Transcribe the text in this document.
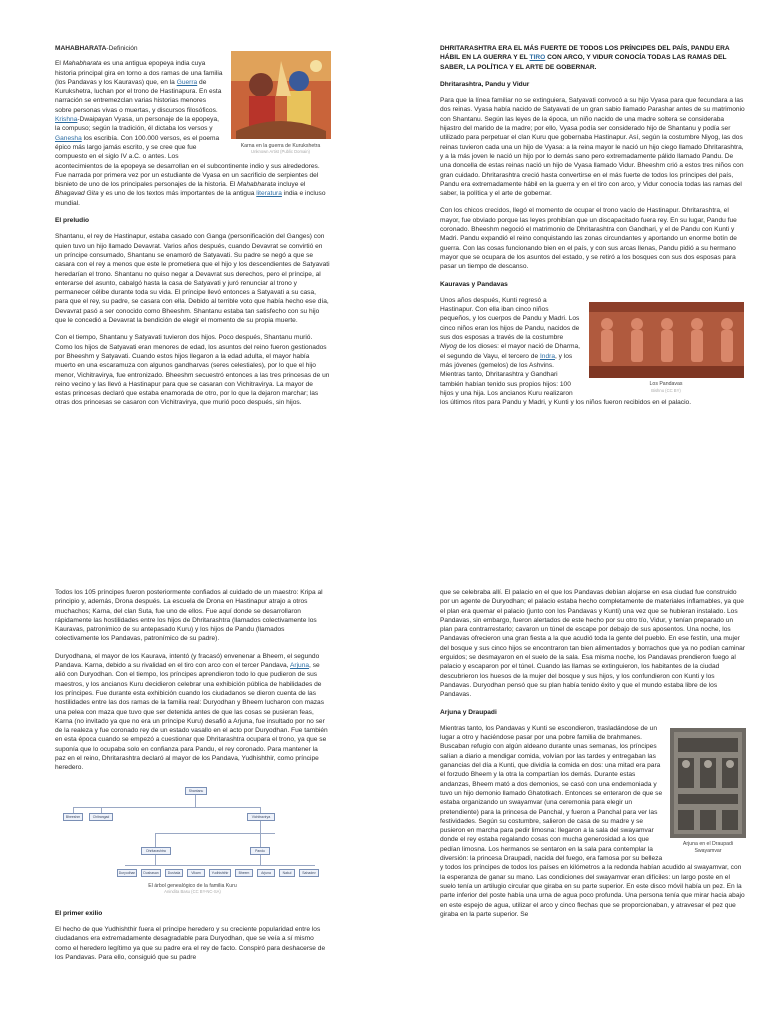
MAHABHARATA-Definición

Karna en la guerra de Kurukshetra
Unknown Artist (Public Domain)

El Mahabharata es una antigua epopeya india cuya historia principal gira en torno a dos ramas de una familia (los Pandavas y los Kauravas) que, en la Guerra de Kurukshetra, luchan por el trono de Hastinapura. En esta narración se entremezclan varias historias menores sobre personas vivas o muertas, y discursos filosóficos. Krishna-Dwaipayan Vyasa, un personaje de la epopeya, la compuso; según la tradición, él dictaba los versos y Ganesha los escribía. Con 100.000 versos, es el poema épico más largo jamás escrito, y se cree que fue compuesto en el siglo IV a.C. o antes. Los acontecimientos de la epopeya se desarrollan en el subcontinente indio y sus alrededores. Fue narrada por primera vez por un estudiante de Vyasa en un sacrificio de serpientes del bisnieto de uno de los principales personajes de la historia. El Mahabharata incluye el Bhagavad Gita y es uno de los textos más importantes de la antigua literatura india e incluso mundial.

El preludio

Shantanu, el rey de Hastinapur, estaba casado con Ganga (personificación del Ganges) con quien tuvo un hijo llamado Devavrat. Varios años después, cuando Devavrat se convirtió en un príncipe consumado, Shantanu se enamoró de Satyavati. Su padre se negó a que se casara con el rey a menos que este le prometiera que el hijo y los descendientes de Satyavati heredarían el trono. Shantanu no quiso negar a Devavrat sus derechos, pero el príncipe, al enterarse del asunto, cabalgó hasta la casa de Satyavati y juró renunciar al trono y permanecer célibe durante toda su vida. El príncipe llevó entonces a Satyavati a su casa, para que el rey, su padre, se casara con ella. Debido al terrible voto que había hecho ese día, Devavrat pasó a ser conocido como Bheeshm. Shantanu estaba tan satisfecho con su hijo que le concedió a Devavrat la bendición de elegir el momento de su propia muerte.

Con el tiempo, Shantanu y Satyavati tuvieron dos hijos. Poco después, Shantanu murió. Como los hijos de Satyavati eran menores de edad, los asuntos del reino fueron gestionados por Bheeshm y Satyavati. Cuando estos hijos llegaron a la edad adulta, el mayor había muerto en una escaramuza con algunos gandharvas (seres celestiales), por lo que el hijo menor, Vichitravirya, fue entronizado. Bheeshm secuestró entonces a las tres princesas de un reino vecino y las llevó a Hastinapur para que se casaran con Vichitravirya. La mayor de estas princesas declaró que estaba enamorada de otro, por lo que la dejaron marchar; las otras dos princesas se casaron con Vichitravirya, que murió poco después, sin hijos.

DHRITARASHTRA ERA EL MÁS FUERTE DE TODOS LOS PRÍNCIPES DEL PAÍS, PANDU ERA HÁBIL EN LA GUERRA Y EL TIRO CON ARCO, Y VIDUR CONOCÍA TODAS LAS RAMAS DEL SABER, LA POLÍTICA Y EL ARTE DE GOBERNAR.

Dhritarashtra, Pandu y Vidur

Para que la línea familiar no se extinguiera, Satyavati convocó a su hijo Vyasa para que fecundara a las dos reinas. Vyasa había nacido de Satyavati de un gran sabio llamado Parashar antes de su matrimonio con Shantanu. Según las leyes de la época, un niño nacido de una madre soltera se consideraba hijastro del marido de la madre; por ello, Vyasa podía ser considerado hijo de Shantanu y podía ser utilizado para perpetuar el clan Kuru que gobernaba Hastinapur. Así, según la costumbre Niyog, las dos reinas tuvieron cada una un hijo de Vyasa: a la reina mayor le nació un hijo ciego llamado Dhritarashtra, y a la más joven le nació un hijo por lo demás sano pero extremadamente pálido llamado Pandu. De una doncella de estas reinas nació un hijo de Vyasa llamado Vidur. Bheeshm crió a estos tres niños con gran cuidado. Dhritarashtra creció hasta convertirse en el más fuerte de todos los príncipes del país, Pandu era extremadamente hábil en la guerra y en el tiro con arco, y Vidur conocía todas las ramas del saber, la política y el arte de gobernar.

Con los chicos crecidos, llegó el momento de ocupar el trono vacío de Hastinapur. Dhritarashtra, el mayor, fue obviado porque las leyes prohibían que un discapacitado fuera rey. En su lugar, Pandu fue coronado. Bheeshm negoció el matrimonio de Dhritarashtra con Gandhari, y el de Pandu con Kunti y Madri. Pandu expandió el reino conquistando las zonas circundantes y aportando un enorme botín de guerra. Con las cosas funcionando bien en el país, y con sus arcas llenas, Pandu pidió a su hermano mayor que se ocupara de los asuntos del estado, y se retiró a los bosques con sus dos esposas para pasar un tiempo de descanso.

Kauravas y Pandavas

Los Pandavas
Bishnu (CC BY)

Unos años después, Kunti regresó a Hastinapur. Con ella iban cinco niños pequeños, y los cuerpos de Pandu y Madri. Los cinco niños eran los hijos de Pandu, nacidos de sus dos esposas a través de la costumbre Niyog de los dioses: el mayor nació de Dharma, el segundo de Vayu, el tercero de Indra, y los más jóvenes (gemelos) de los Ashvins. Mientras tanto, Dhritarashtra y Gandhari también habían tenido sus propios hijos: 100 hijos y una hija. Los ancianos Kuru realizaron los últimos ritos para Pandu y Madri, y Kunti y los niños fueron recibidos en el palacio.

Todos los 105 príncipes fueron posteriormente confiados al cuidado de un maestro: Kripa al principio y, además, Drona después. La escuela de Drona en Hastinapur atrajo a otros muchachos; Karna, del clan Suta, fue uno de ellos. Fue aquí donde se desarrollaron rápidamente las hostilidades entre los hijos de Dhritarashtra (llamados colectivamente los Kauravas, patronímico de su antepasado Kuru) y los hijos de Pandu (llamados colectivamente los Pandavas, patronímico de su padre).

Duryodhana, el mayor de los Kaurava, intentó (y fracasó) envenenar a Bheem, el segundo Pandava. Karna, debido a su rivalidad en el tiro con arco con el tercer Pandava, Arjuna, se alió con Duryodhan. Con el tiempo, los príncipes aprendieron todo lo que pudieron de sus maestros, y los ancianos Kuru decidieron celebrar una exhibición pública de habilidades de los príncipes. Fue durante esta exhibición cuando los ciudadanos se dieron cuenta de las hostilidades entre las dos ramas de la familia real: Duryodhan y Bheem lucharon con mazas una pelea con maza que tuvo que ser detenida antes de que las cosas se pusieran feas, Karna (no invitado ya que no era un príncipe Kuru) desafió a Arjuna, fue insultado por no ser de la realeza y fue coronado rey de un estado vasallo en el acto por Duryodhan. Fue también en esta época cuando se empezó a cuestionar que Dhritarashtra ocupara el trono, ya que se suponía que lo ocupaba solo en confianza para Pandu, el rey coronado. Para mantener la paz en el reino, Dhritarashtra declaró al mayor de los Pandava, Yudhishthir, como príncipe heredero.

Shantanu
Bheeshm	Chitrangad	Vichitravirya
Dhritarashtra	Pandu
Duryodhan	Dushasan	Dushala	Vikarn	Yudhishthir	Bheem	Arjuna	Nakul	Sahadev
El árbol genealógico de la familia Kuru
Anindita Basu (CC BY-NC-SA)

El primer exilio

El hecho de que Yudhishthir fuera el príncipe heredero y su creciente popularidad entre los ciudadanos era extremadamente desagradable para Duryodhan, que se veía a sí mismo como el heredero legítimo ya que su padre era el rey de facto. Conspiró para deshacerse de los Pandavas. Para ello, consiguió que su padre

que se celebraba allí. El palacio en el que los Pandavas debían alojarse en esa ciudad fue construido por un agente de Duryodhan; el palacio estaba hecho completamente de materiales inflamables, ya que el plan era quemar el palacio (junto con los Pandavas y Kunti) una vez que se hubieran instalado. Los Pandavas, sin embargo, fueron alertados de este hecho por su otro tío, Vidur, y tenían preparado un plan para contrarrestarlo; cavaron un túnel de escape por debajo de sus aposentos. Una noche, los Pandavas ofrecieron una gran fiesta a la que acudió toda la gente del pueblo. En ese festín, una mujer del bosque y sus cinco hijos se encontraron tan bien alimentados y borrachos que ya no podían caminar erguidos; se desmayaron en el suelo de la sala. Esa misma noche, los Pandavas prendieron fuego al palacio y escaparon por el túnel. Cuando las llamas se extinguieron, los habitantes de la ciudad descubrieron los huesos de la mujer del bosque y sus hijos, y los confundieron con Kunti y los Pandavas. Duryodhan pensó que su plan había tenido éxito y que el mundo estaba libre de los Pandavas.

Arjuna y Draupadi

Arjuna en el Draupadi Swayamvar

Mientras tanto, los Pandavas y Kunti se escondieron, trasladándose de un lugar a otro y haciéndose pasar por una pobre familia de brahmanes. Buscaban refugio con algún aldeano durante unas semanas, los príncipes salían a diario a mendigar comida, volvían por las tardes y entregaban las ganancias del día a Kunti, que dividía la comida en dos: una mitad era para el forzudo Bheem y la otra la compartían los demás. Durante estas andanzas, Bheem mató a dos demonios, se casó con una endemoniada y tuvo un hijo demonio llamado Ghatotkach. Entonces se enteraron de que se estaba organizando un swayamvar (una ceremonia para elegir un pretendiente) para la princesa de Panchal, y fueron a Panchal para ver las festividades. Según su costumbre, salieron de casa de su madre y se pusieron en marcha para pedir limosna: llegaron a la sala del swayamvar donde el rey estaba regalando cosas con mucha generosidad a los que pedían limosna. Los hermanos se sentaron en la sala para contemplar la diversión: la princesa Draupadi, nacida del fuego, era famosa por su belleza y todos los príncipes de todos los países en kilómetros a la redonda habían acudido al swayamvar, con la esperanza de ganar su mano. Las condiciones del swayamvar eran difíciles: un largo poste en el suelo tenía un artilugio circular que giraba en su parte superior. En este disco móvil había un pez. En la parte inferior del poste había una urna de agua poco profunda. Una persona tenía que mirar hacia abajo en este espejo de agua, utilizar el arco y cinco flechas que se proporcionaban, y atravesar el pez que giraba en la parte superior. Se
